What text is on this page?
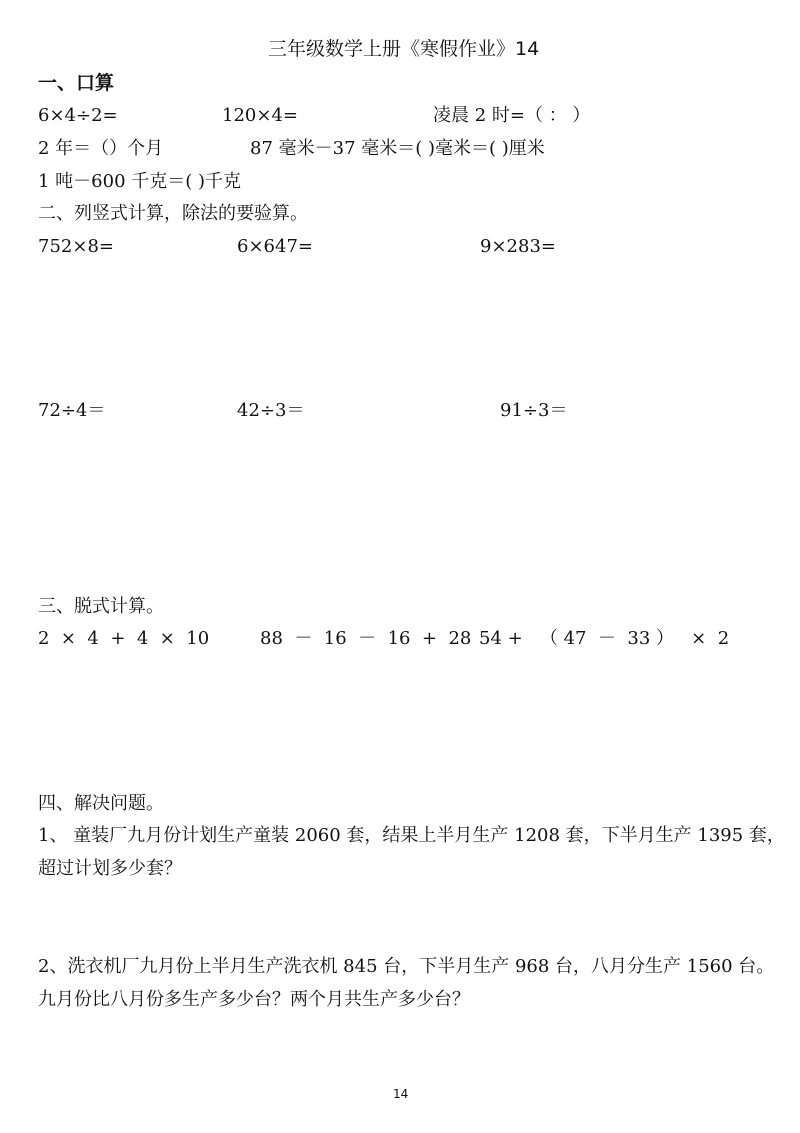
三年级数学上册《寒假作业》14
一、口算
6×4÷2=	120×4=	凌晨 2 时=（ ： ）
2 年＝（）个月	87 毫米－37 毫米＝( )毫米＝( )厘米
1 吨－600 千克＝( )千克
二、列竖式计算，除法的要验算。
752×8=	6×647=	9×283=
72÷4＝	42÷3＝	91÷3＝
三、脱式计算。
2  ×  4  +  4  ×  10	88  －  16  －  16  +  28 54 +   （ 47  －  33 ）   ×  2
四、解决问题。
1、 童装厂九月份计划生产童装 2060 套，结果上半月生产 1208 套，下半月生产 1395 套，
超过计划多少套？
2、洗衣机厂九月份上半月生产洗衣机 845 台，下半月生产 968 台，八月分生产 1560 台。
九月份比八月份多生产多少台？两个月共生产多少台？
14
